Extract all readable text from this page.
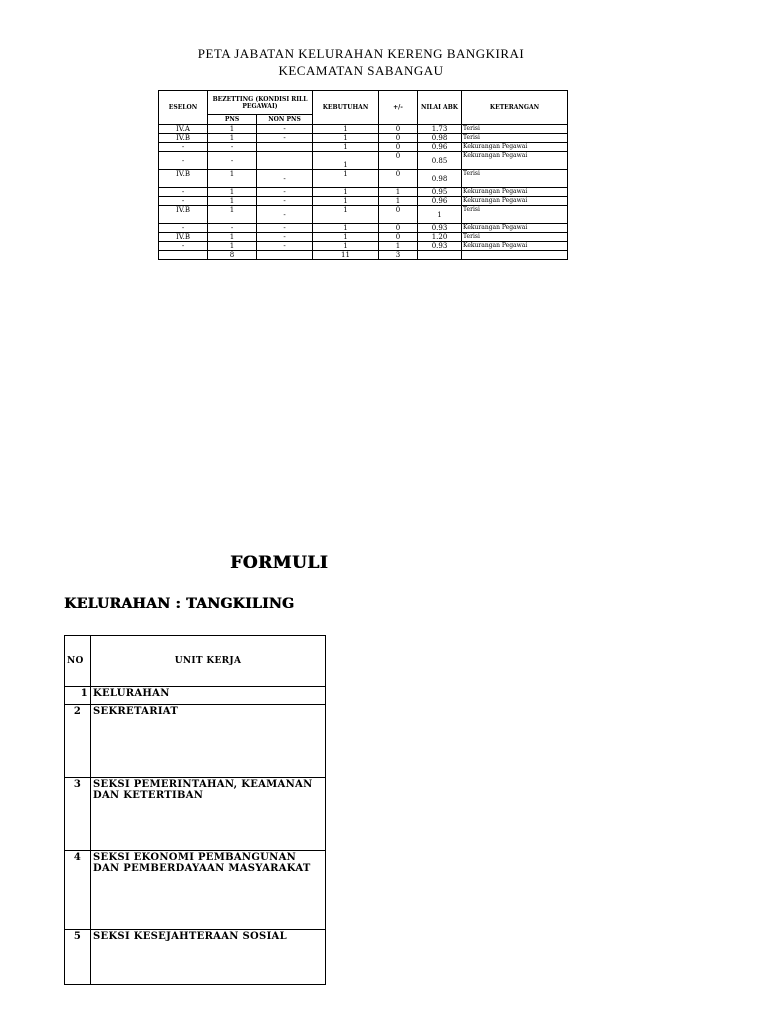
PETA JABATAN KELURAHAN KERENG BANGKIRAI
KECAMATAN SABANGAU
ESELON	BEZETTING (KONDISI RILL PEGAWAI)		KEBUTUHAN	+/-	NILAI ABK	KETERANGAN
	PNS	NON PNS				
IV.A	1	-	1	0	1.73	Terisi
IV.B	1	-	1	0	0.98	Terisi
-	-		1	0	0.96	Kekurangan Pegawai
-	-		1	0	0.85	Kekurangan Pegawai
IV.B	1	-	1	0	0.98	Terisi
-	1	-	1	1	0.95	Kekurangan Pegawai
-	1	-	1	1	0.96	Kekurangan Pegawai
IV.B	1	-	1	0	1	Terisi
-	-	-	1	0	0.93	Kekurangan Pegawai
IV.B	1	-	1	0	1.20	Terisi
-	1	-	1	1	0.93	Kekurangan Pegawai
	8		11	3		
FORMULI
KELURAHAN : TANGKILING
NO	UNIT KERJA
1	KELURAHAN
2	SEKRETARIAT
3	SEKSI PEMERINTAHAN, KEAMANAN DAN KETERTIBAN
4	SEKSI EKONOMI PEMBANGUNAN DAN PEMBERDAYAAN MASYARAKAT
5	SEKSI KESEJAHTERAAN SOSIAL
